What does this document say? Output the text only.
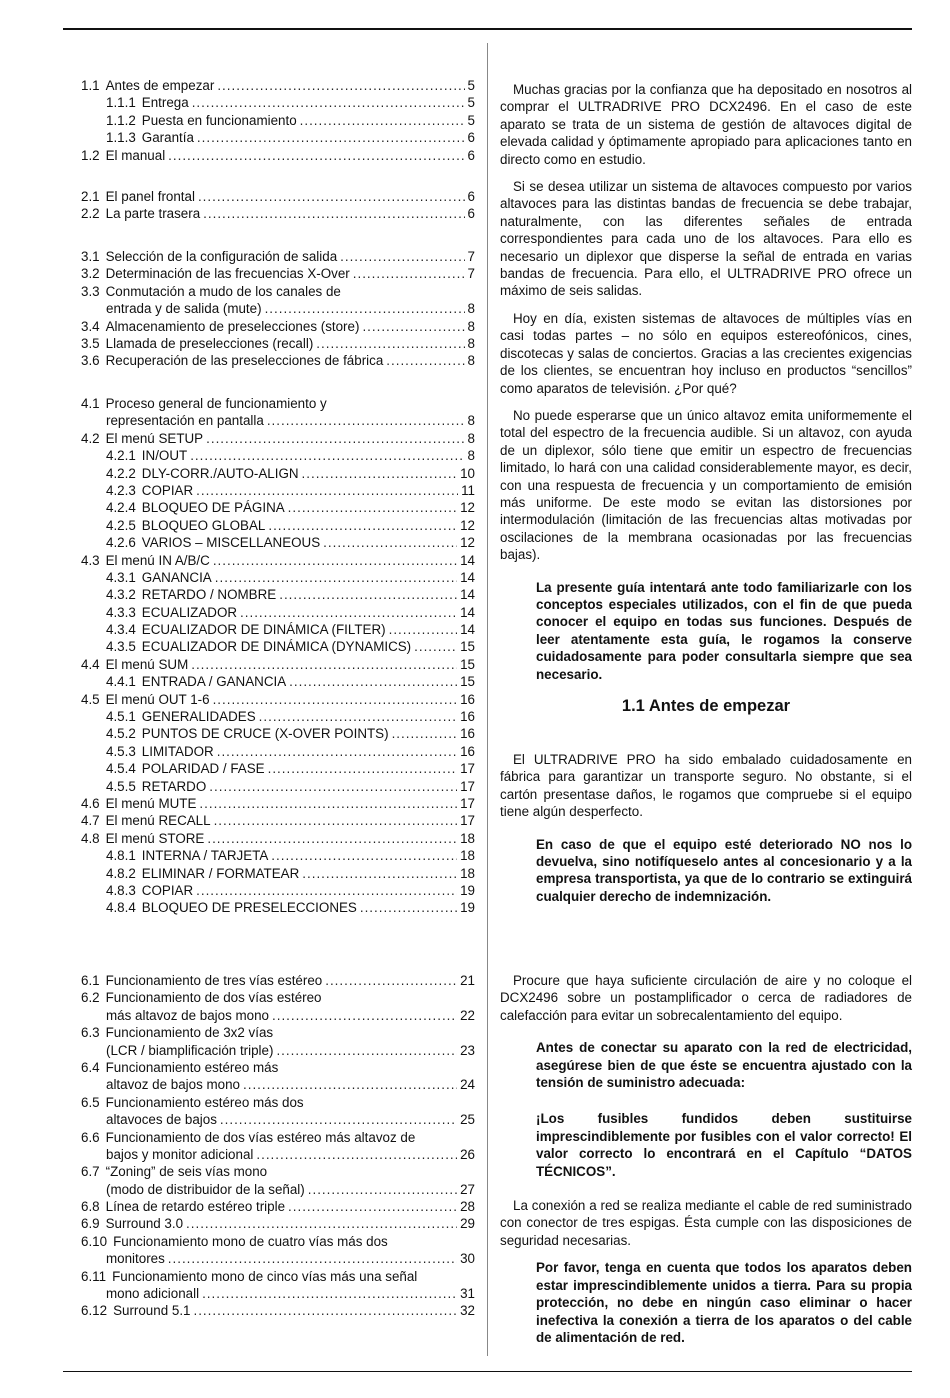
1.1 Antes de empezar .....	5
1.1.1 Entrega .....	5
1.1.2 Puesta en funcionamiento .....	5
1.1.3 Garantía .....	6
1.2 El manual .....	6
2.1 El panel frontal .....	6
2.2 La parte trasera .....	6
3.1 Selección de la configuración de salida .....	7
3.2 Determinación de las frecuencias X-Over .....	7
3.3 Conmutación a mudo de los canales de
entrada y de salida (mute) .....	8
3.4 Almacenamiento de preselecciones (store) .....	8
3.5 Llamada de preselecciones (recall) .....	8
3.6 Recuperación de las preselecciones de fábrica .....	8
4.1 Proceso general de funcionamiento y
representación en pantalla .....	8
4.2 El menú SETUP .....	8
4.2.1 IN/OUT .....	8
4.2.2 DLY-CORR./AUTO-ALIGN .....	10
4.2.3 COPIAR .....	11
4.2.4 BLOQUEO DE PÁGINA .....	12
4.2.5 BLOQUEO GLOBAL .....	12
4.2.6 VARIOS – MISCELLANEOUS .....	12
4.3 El menú IN A/B/C .....	14
4.3.1 GANANCIA .....	14
4.3.2 RETARDO / NOMBRE .....	14
4.3.3 ECUALIZADOR .....	14
4.3.4 ECUALIZADOR DE DINÁMICA (FILTER) .....	14
4.3.5 ECUALIZADOR DE DINÁMICA (DYNAMICS) .....	15
4.4 El menú SUM .....	15
4.4.1 ENTRADA / GANANCIA .....	15
4.5 El menú OUT 1-6 .....	16
4.5.1 GENERALIDADES .....	16
4.5.2 PUNTOS DE CRUCE (X-OVER POINTS) .....	16
4.5.3 LIMITADOR .....	16
4.5.4 POLARIDAD / FASE .....	17
4.5.5 RETARDO .....	17
4.6 El menú MUTE .....	17
4.7 El menú RECALL .....	17
4.8 El menú STORE .....	18
4.8.1 INTERNA / TARJETA .....	18
4.8.2 ELIMINAR / FORMATEAR .....	18
4.8.3 COPIAR .....	19
4.8.4 BLOQUEO DE PRESELECCIONES .....	19
6.1 Funcionamiento de tres vías estéreo .....	21
6.2 Funcionamiento de dos vías estéreo
más altavoz de bajos mono .....	22
6.3 Funcionamiento de 3x2 vías
(LCR / biamplificación triple) .....	23
6.4 Funcionamiento estéreo más
altavoz de bajos mono .....	24
6.5 Funcionamiento estéreo más dos
altavoces de bajos .....	25
6.6 Funcionamiento de dos vías estéreo más altavoz de
bajos y monitor adicional .....	26
6.7 “Zoning” de seis vías mono
(modo de distribuidor de la señal) .....	27
6.8 Línea de retardo estéreo triple .....	28
6.9 Surround 3.0 .....	29
6.10 Funcionamiento mono de cuatro vías más dos
monitores .....	30
6.11 Funcionamiento mono de cinco vías más una señal
mono adicionall .....	31
6.12 Surround 5.1 .....	32

Muchas gracias por la confianza que ha depositado en nosotros al comprar el ULTRADRIVE PRO DCX2496. En el caso de este aparato se trata de un sistema de gestión de altavoces digital de elevada calidad y óptimamente apropiado para aplicaciones tanto en directo como en estudio.

Si se desea utilizar un sistema de altavoces compuesto por varios altavoces para las distintas bandas de frecuencia se debe trabajar, naturalmente, con las diferentes señales de entrada correspondientes para cada uno de los altavoces. Para ello es necesario un diplexor que disperse la señal de entrada en varias bandas de frecuencia. Para ello, el ULTRADRIVE PRO ofrece un máximo de seis salidas.

Hoy en día, existen sistemas de altavoces de múltiples vías en casi todas partes – no sólo en equipos estereofónicos, cines, discotecas y salas de conciertos. Gracias a las crecientes exigencias de los clientes, se encuentran hoy incluso en productos “sencillos” como aparatos de televisión. ¿Por qué?

No puede esperarse que un único altavoz emita uniformemente el total del espectro de la frecuencia audible. Si un altavoz, con ayuda de un diplexor, sólo tiene que emitir un espectro de frecuencias limitado, lo hará con una calidad considerablemente mayor, es decir, con una respuesta de frecuencia y un comportamiento de emisión más uniforme. De este modo se evitan las distorsiones por intermodulación (limitación de las frecuencias altas motivadas por oscilaciones de la membrana ocasionadas por las frecuencias bajas).

La presente guía intentará ante todo familiarizarle con los conceptos especiales utilizados, con el fin de que pueda conocer el equipo en todas sus funciones. Después de leer atentamente esta guía, le rogamos la conserve cuidadosamente para poder consultarla siempre que sea necesario.

1.1 Antes de empezar

El ULTRADRIVE PRO ha sido embalado cuidadosamente en fábrica para garantizar un transporte seguro. No obstante, si el cartón presentase daños, le rogamos que compruebe si el equipo tiene algún desperfecto.

En caso de que el equipo esté deteriorado NO nos lo devuelva, sino notifíqueselo antes al concesionario y a la empresa transportista, ya que de lo contrario se extinguirá cualquier derecho de indemnización.

Procure que haya suficiente circulación de aire y no coloque el DCX2496 sobre un postamplificador o cerca de radiadores de calefacción para evitar un sobrecalentamiento del equipo.

Antes de conectar su aparato con la red de electricidad, asegúrese bien de que éste se encuentra ajustado con la tensión de suministro adecuada:

¡Los fusibles fundidos deben sustituirse imprescindiblemente por fusibles con el valor correcto! El valor correcto lo encontrará en el Capítulo “DATOS TÉCNICOS”.

La conexión a red se realiza mediante el cable de red suministrado con conector de tres espigas. Ésta cumple con las disposiciones de seguridad necesarias.

Por favor, tenga en cuenta que todos los aparatos deben estar imprescindiblemente unidos a tierra. Para su propia protección, no debe en ningún caso eliminar o hacer inefectiva la conexión a tierra de los aparatos o del cable de alimentación de red.
